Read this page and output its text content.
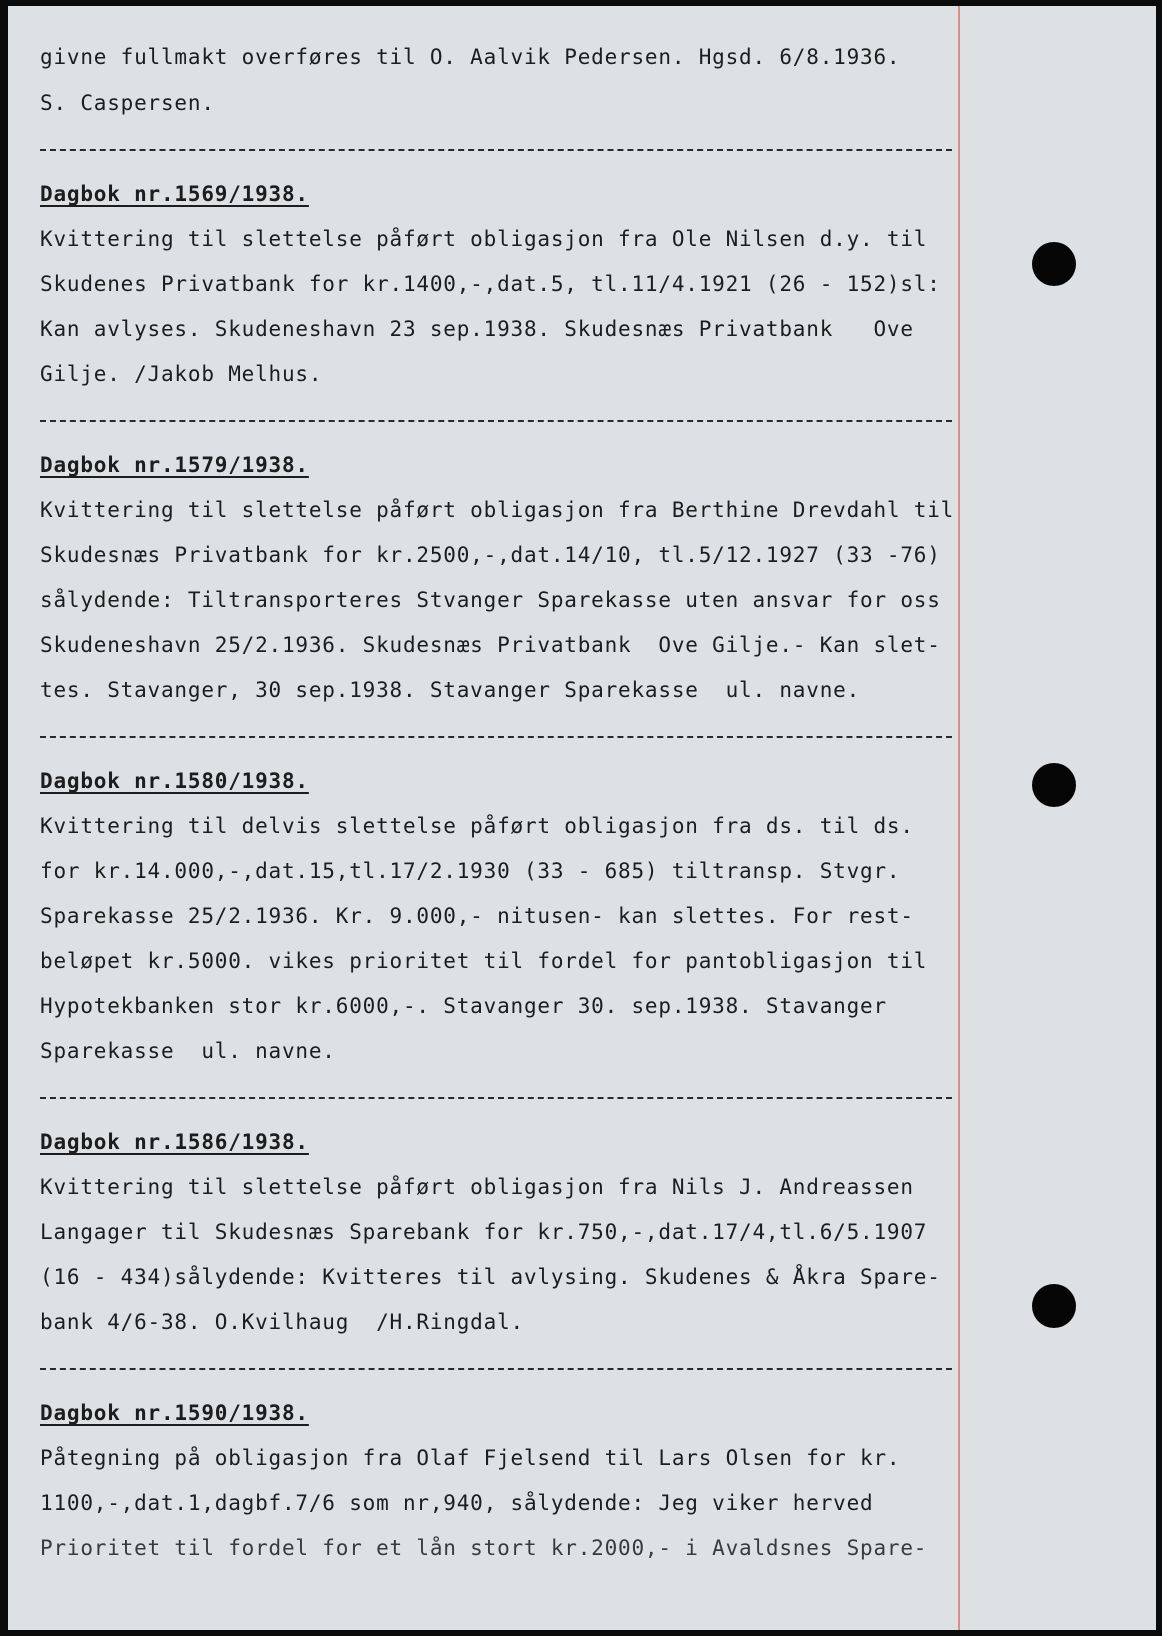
givne fullmakt overføres til O. Aalvik Pedersen. Hgsd. 6/8.1936.
S. Caspersen.
Dagbok nr.1569/1938.
Kvittering til slettelse påført obligasjon fra Ole Nilsen d.y. til
Skudenes Privatbank for kr.1400,-,dat.5, tl.11/4.1921 (26 - 152)sl:
Kan avlyses. Skudeneshavn 23 sep.1938. Skudesnæs Privatbank   Ove
Gilje. /Jakob Melhus.
Dagbok nr.1579/1938.
Kvittering til slettelse påført obligasjon fra Berthine Drevdahl til
Skudesnæs Privatbank for kr.2500,-,dat.14/10, tl.5/12.1927 (33 -76)
sålydende: Tiltransporteres Stvanger Sparekasse uten ansvar for oss
Skudeneshavn 25/2.1936. Skudesnæs Privatbank  Ove Gilje.- Kan slet-
tes. Stavanger, 30 sep.1938. Stavanger Sparekasse  ul. navne.
Dagbok nr.1580/1938.
Kvittering til delvis slettelse påført obligasjon fra ds. til ds.
for kr.14.000,-,dat.15,tl.17/2.1930 (33 - 685) tiltransp. Stvgr.
Sparekasse 25/2.1936. Kr. 9.000,- nitusen- kan slettes. For rest-
beløpet kr.5000. vikes prioritet til fordel for pantobligasjon til
Hypotekbanken stor kr.6000,-. Stavanger 30. sep.1938. Stavanger
Sparekasse  ul. navne.
Dagbok nr.1586/1938.
Kvittering til slettelse påført obligasjon fra Nils J. Andreassen
Langager til Skudesnæs Sparebank for kr.750,-,dat.17/4,tl.6/5.1907
(16 - 434)sålydende: Kvitteres til avlysing. Skudenes & Åkra Spare-
bank 4/6-38. O.Kvilhaug  /H.Ringdal.
Dagbok nr.1590/1938.
Påtegning på obligasjon fra Olaf Fjelsend til Lars Olsen for kr.
1100,-,dat.1,dagbf.7/6 som nr,940, sålydende: Jeg viker herved
Prioritet til fordel for et lån stort kr.2000,- i Avaldsnes Spare-
